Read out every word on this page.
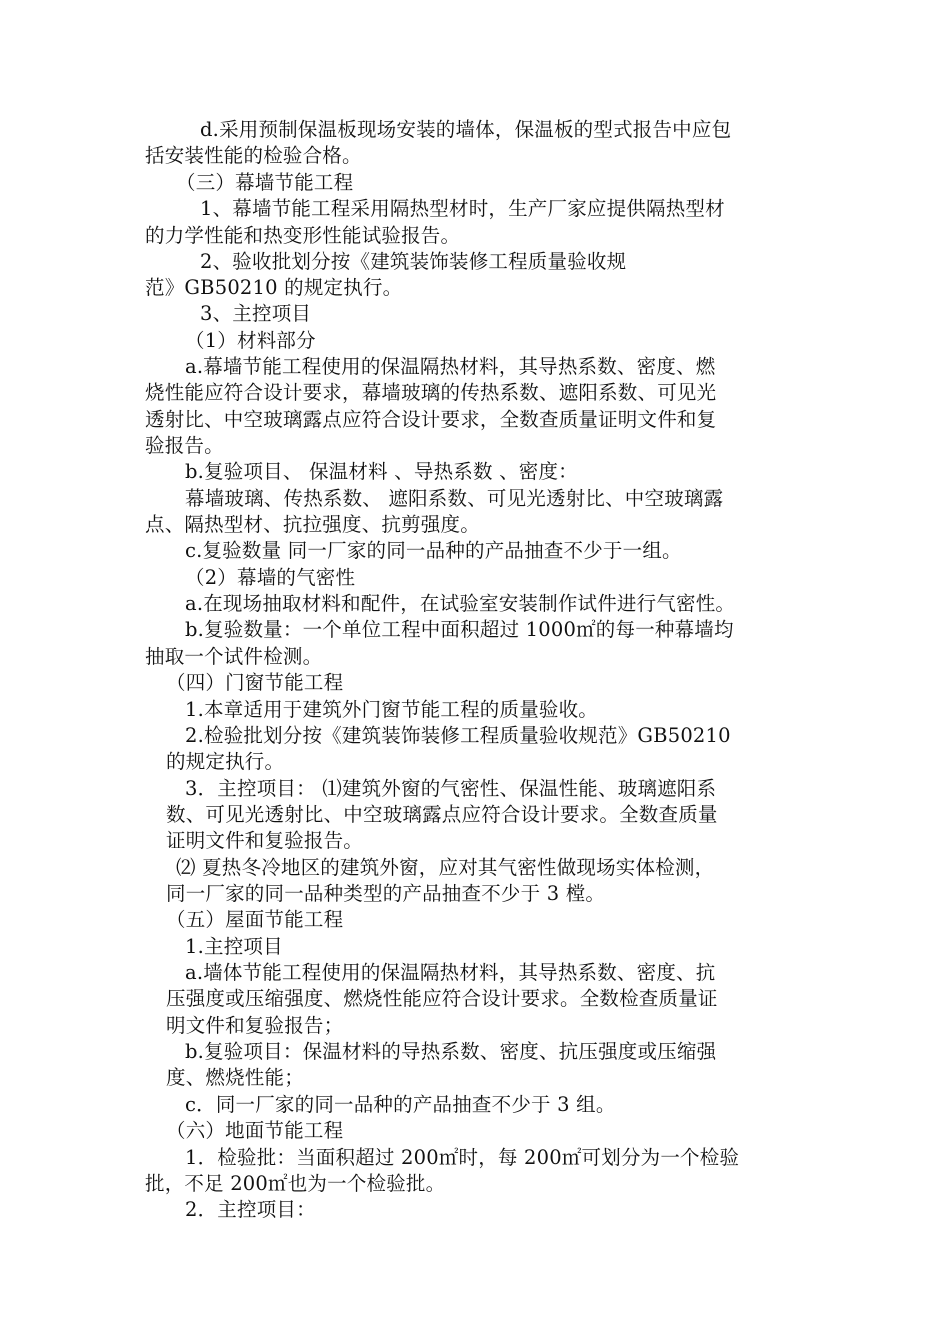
d.采用预制保温板现场安装的墙体，保温板的型式报告中应包
括安装性能的检验合格。
（三）幕墙节能工程
1、幕墙节能工程采用隔热型材时，生产厂家应提供隔热型材
的力学性能和热变形性能试验报告。
2、验收批划分按《建筑装饰装修工程质量验收规
范》GB50210 的规定执行。
3、主控项目
（1）材料部分
a.幕墙节能工程使用的保温隔热材料，其导热系数、密度、燃
烧性能应符合设计要求，幕墙玻璃的传热系数、遮阳系数、可见光
透射比、中空玻璃露点应符合设计要求，全数查质量证明文件和复
验报告。
b.复验项目、 保温材料 、导热系数 、密度：
幕墙玻璃、传热系数、 遮阳系数、可见光透射比、中空玻璃露
点、隔热型材、抗拉强度、抗剪强度。
c.复验数量 同一厂家的同一品种的产品抽查不少于一组。
（2）幕墙的气密性
a.在现场抽取材料和配件，在试验室安装制作试件进行气密性。
b.复验数量：一个单位工程中面积超过 1000㎡的每一种幕墙均
抽取一个试件检测。
（四）门窗节能工程
1.本章适用于建筑外门窗节能工程的质量验收。
2.检验批划分按《建筑装饰装修工程质量验收规范》GB50210
的规定执行。
3．主控项目： ⑴建筑外窗的气密性、保温性能、玻璃遮阳系
数、可见光透射比、中空玻璃露点应符合设计要求。全数查质量
证明文件和复验报告。
⑵ 夏热冬冷地区的建筑外窗，应对其气密性做现场实体检测，
同一厂家的同一品种类型的产品抽查不少于 3 樘。
（五）屋面节能工程
1.主控项目
a.墙体节能工程使用的保温隔热材料，其导热系数、密度、抗
压强度或压缩强度、燃烧性能应符合设计要求。全数检查质量证
明文件和复验报告；
b.复验项目：保温材料的导热系数、密度、抗压强度或压缩强
度、燃烧性能；
c．同一厂家的同一品种的产品抽查不少于 3 组。
（六）地面节能工程
1．检验批：当面积超过 200㎡时，每 200㎡可划分为一个检验
批，不足 200㎡也为一个检验批。
2．主控项目：
